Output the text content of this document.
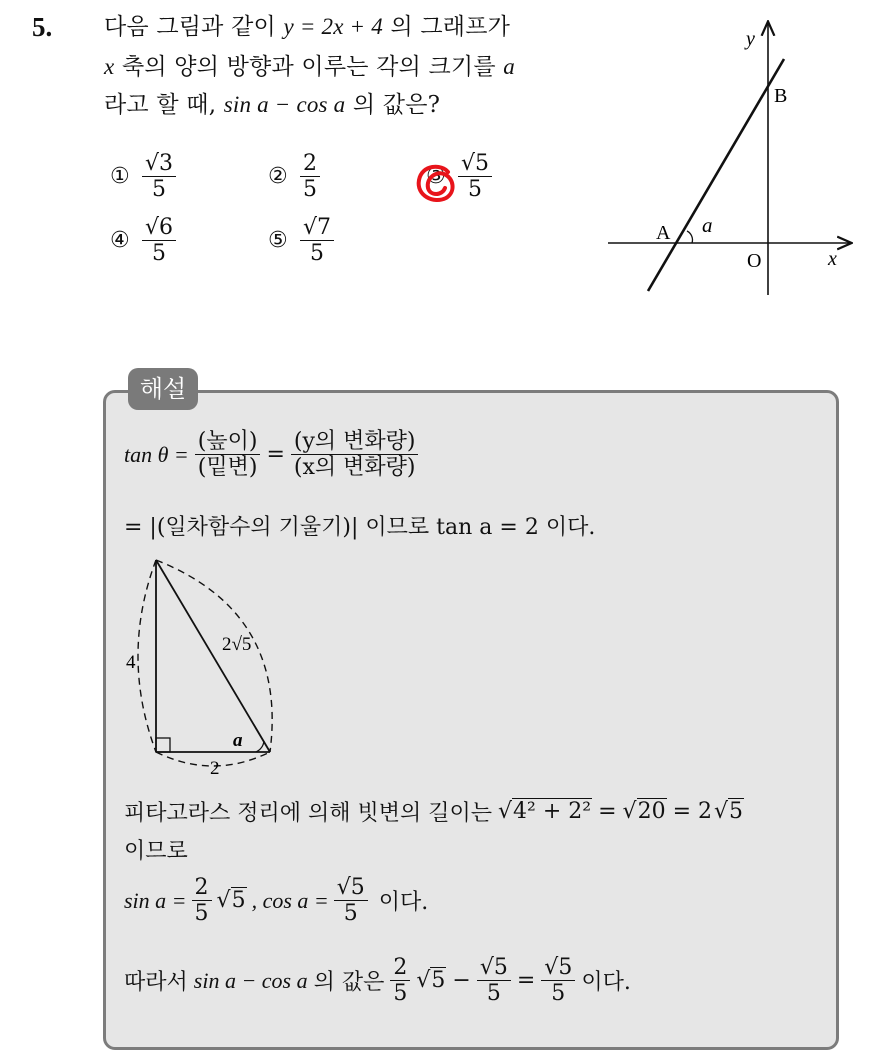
5. 다음 그림과 같이 y = 2x + 4 의 그래프가
x 축의 양의 방향과 이루는 각의 크기를 a
라고 할 때, sin a − cos a 의 값은?
① $\frac{√3}{5}$	② $\frac{2}{5}$	③ $\frac{√5}{5}$
④ $\frac{√6}{5}$	⑤ $\frac{√7}{5}$
y
x
O
A
B
a
해설
$\tan \theta = \frac{\text{(높이)}}{\text{(밑변)}} = \frac{\text{(y의 변화량)}}{\text{(x의 변화량)}}$
= |(일차함수의 기울기)| 이므로 tan a = 2 이다.
4
2
2√5
a
피타고라스 정리에 의해 빗변의 길이는 √4² + 2² = √20 = 2 √5
이므로
$\sin a = \frac{2}{5} √5$ , $\cos a = \frac{√5}{5}$ 이다.
따라서 sin a − cos a 의 값은 $\frac{2}{5} √5 - \frac{√5}{5} = \frac{√5}{5}$ 이다.
